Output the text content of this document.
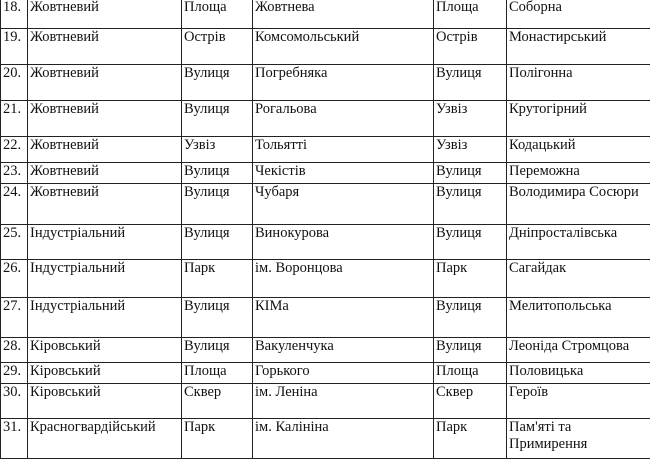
18.	Жовтневий	Площа	Жовтнева	Площа	Соборна
19.	Жовтневий	Острів	Комсомольський	Острів	Монастирський
20.	Жовтневий	Вулиця	Погребняка	Вулиця	Полігонна
21.	Жовтневий	Вулиця	Рогальова	Узвіз	Крутогірний
22.	Жовтневий	Узвіз	Тольятті	Узвіз	Кодацький
23.	Жовтневий	Вулиця	Чекістів	Вулиця	Переможна
24.	Жовтневий	Вулиця	Чубаря	Вулиця	Володимира Сосюри
25.	Індустріальний	Вулиця	Винокурова	Вулиця	Дніпросталівська
26.	Індустріальний	Парк	ім. Воронцова	Парк	Сагайдак
27.	Індустріальний	Вулиця	КІМа	Вулиця	Мелитопольська
28.	Кіровський	Вулиця	Вакуленчука	Вулиця	Леоніда Стромцова
29.	Кіровський	Площа	Горького	Площа	Половицька
30.	Кіровський	Сквер	ім. Леніна	Сквер	Героїв
31.	Красногвардійський	Парк	ім. Калініна	Парк	Пам'яті та Примирення
